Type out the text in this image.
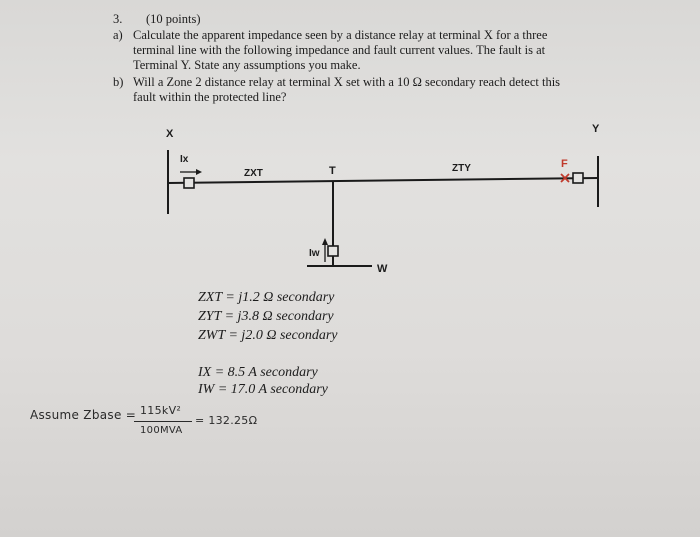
3. (10 points)
a) Calculate the apparent impedance seen by a distance relay at terminal X for a three
terminal line with the following impedance and fault current values. The fault is at
Terminal Y. State any assumptions you make.
b) Will a Zone 2 distance relay at terminal X set with a 10 Ω secondary reach detect this
fault within the protected line?
X	Y
T
W
F
Ix
Iw
ZXT	ZTY
ZXT = j1.2 Ω secondary
ZYT = j3.8 Ω secondary
ZWT = j2.0 Ω secondary
IX = 8.5 A secondary
IW = 17.0 A secondary
Assume Zbase = 115kV²
100MVA
= 132.25Ω
